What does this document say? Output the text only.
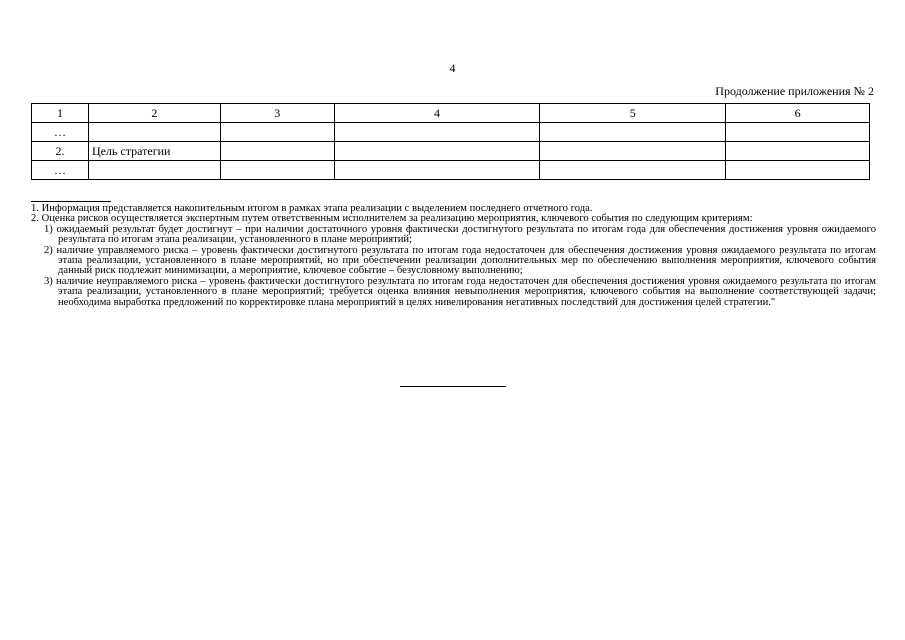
4
Продолжение приложения № 2
1	2	3	4	5	6
…					
2.	Цель стратегии				
…					

1. Информация представляется накопительным итогом в рамках этапа реализации с выделением последнего отчетного года.

2. Оценка рисков осуществляется экспертным путем ответственным исполнителем за реализацию мероприятия, ключевого события по следующим критериям:

1) ожидаемый результат будет достигнут – при наличии достаточного уровня фактически достигнутого результата по итогам года для обеспечения достижения уровня ожидаемого результата по итогам этапа реализации, установленного в плане мероприятий;

2) наличие управляемого риска – уровень фактически достигнутого результата по итогам года недостаточен для обеспечения достижения уровня ожидаемого результата по итогам этапа реализации, установленного в плане мероприятий, но при обеспечении реализации дополнительных мер по обеспечению выполнения мероприятия, ключевого события данный риск подлежит минимизации, а мероприятие, ключевое событие – безусловному выполнению;

3) наличие неуправляемого риска – уровень фактически достигнутого результата по итогам года недостаточен для обеспечения достижения уровня ожидаемого результата по итогам этапа реализации, установленного в плане мероприятий; требуется оценка влияния невыполнения мероприятия, ключевого события на выполнение соответствующей задачи; необходима выработка предложений по корректировке плана мероприятий в целях нивелирования негативных последствий для достижения целей стратегии."
